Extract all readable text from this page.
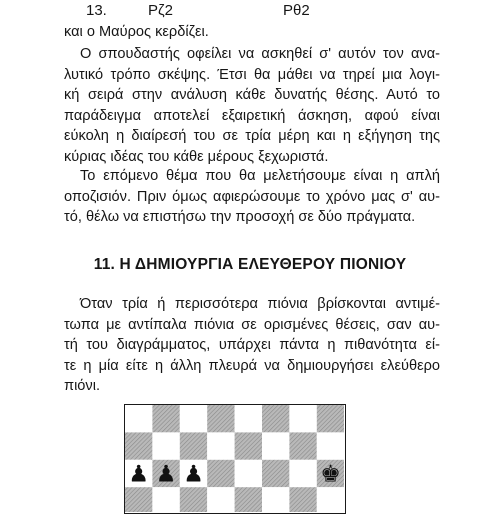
13.	Ρζ2	Ρθ2
και ο Μαύρος κερδίζει.
Ο σπουδαστής οφείλει να ασκηθεί σ' αυτόν τον ανα-
λυτικό τρόπο σκέψης. Έτσι θα μάθει να τηρεί μια λογι-
κή σειρά στην ανάλυση κάθε δυνατής θέσης. Αυτό το
παράδειγμα αποτελεί εξαιρετική άσκηση, αφού είναι
εύκολη η διαίρεσή του σε τρία μέρη και η εξήγηση της
κύριας ιδέας του κάθε μέρους ξεχωριστά.
Το επόμενο θέμα που θα μελετήσουμε είναι η απλή
οποζισιόν. Πριν όμως αφιερώσουμε το χρόνο μας σ' αυ-
τό, θέλω να επιστήσω την προσοχή σε δύο πράγματα.
11. Η ΔΗΜΙΟΥΡΓΙΑ ΕΛΕΥΘΕΡΟΥ ΠΙΟΝΙΟΥ
Όταν τρία ή περισσότερα πιόνια βρίσκονται αντιμέ-
τωπα με αντίπαλα πιόνια σε ορισμένες θέσεις, σαν αυ-
τή του διαγράμματος, υπάρχει πάντα η πιθανότητα εί-
τε η μία είτε η άλλη πλευρά να δημιουργήσει ελεύθερο
πιόνι.
♟ ♟ ♟	♚
